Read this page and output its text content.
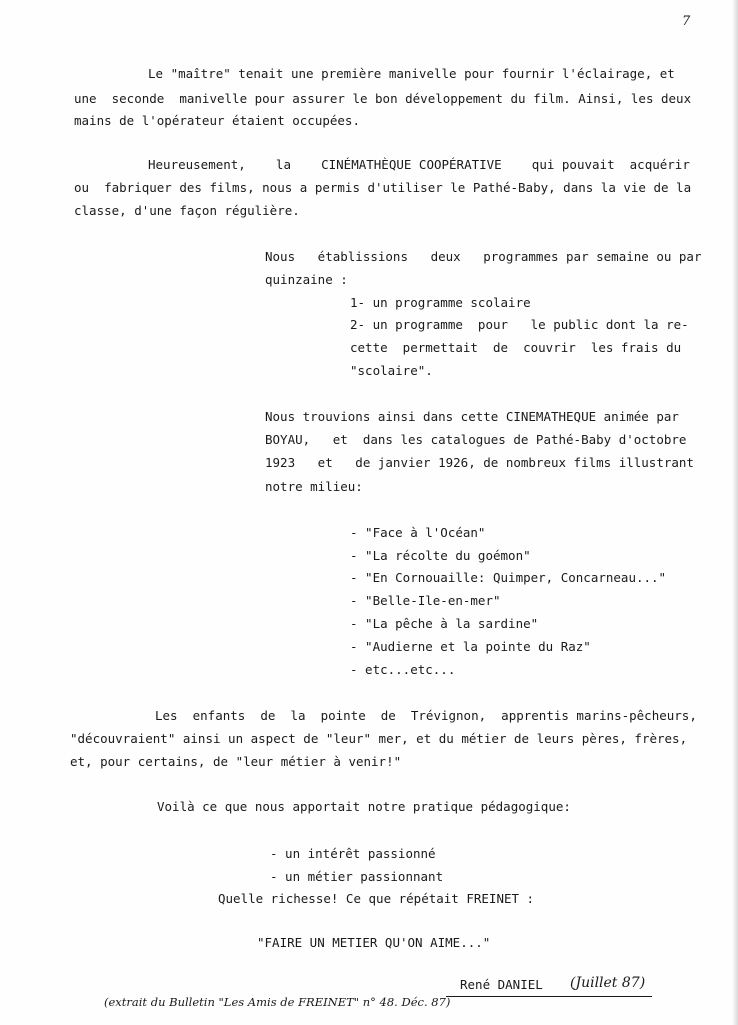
7
Le "maître" tenait une première manivelle pour fournir l'éclairage, et
une  seconde  manivelle pour assurer le bon développement du film. Ainsi, les deux
mains de l'opérateur étaient occupées.
Heureusement,    la    CINÉMATHÈQUE COOPÉRATIVE    qui pouvait  acquérir
ou  fabriquer des films, nous a permis d'utiliser le Pathé-Baby, dans la vie de la
classe, d'une façon régulière.
Nous   établissions   deux   programmes par semaine ou par
quinzaine :
1- un programme scolaire
2- un programme  pour   le public dont la re-
cette  permettait  de  couvrir  les frais du
"scolaire".
Nous trouvions ainsi dans cette CINEMATHEQUE animée par
BOYAU,   et  dans les catalogues de Pathé-Baby d'octobre
1923   et   de janvier 1926, de nombreux films illustrant
notre milieu:
- "Face à l'Océan"
- "La récolte du goémon"
- "En Cornouaille: Quimper, Concarneau..."
- "Belle-Ile-en-mer"
- "La pêche à la sardine"
- "Audierne et la pointe du Raz"
- etc...etc...
Les  enfants  de  la  pointe  de  Trévignon,  apprentis marins-pêcheurs,
"découvraient" ainsi un aspect de "leur" mer, et du métier de leurs pères, frères,
et, pour certains, de "leur métier à venir!"
Voilà ce que nous apportait notre pratique pédagogique:
- un intérêt passionné
- un métier passionnant
Quelle richesse! Ce que répétait FREINET :
"FAIRE UN METIER QU'ON AIME..."
René DANIEL (Juillet 87)
(extrait du Bulletin "Les Amis de FREINET" n° 48. Déc. 87)
